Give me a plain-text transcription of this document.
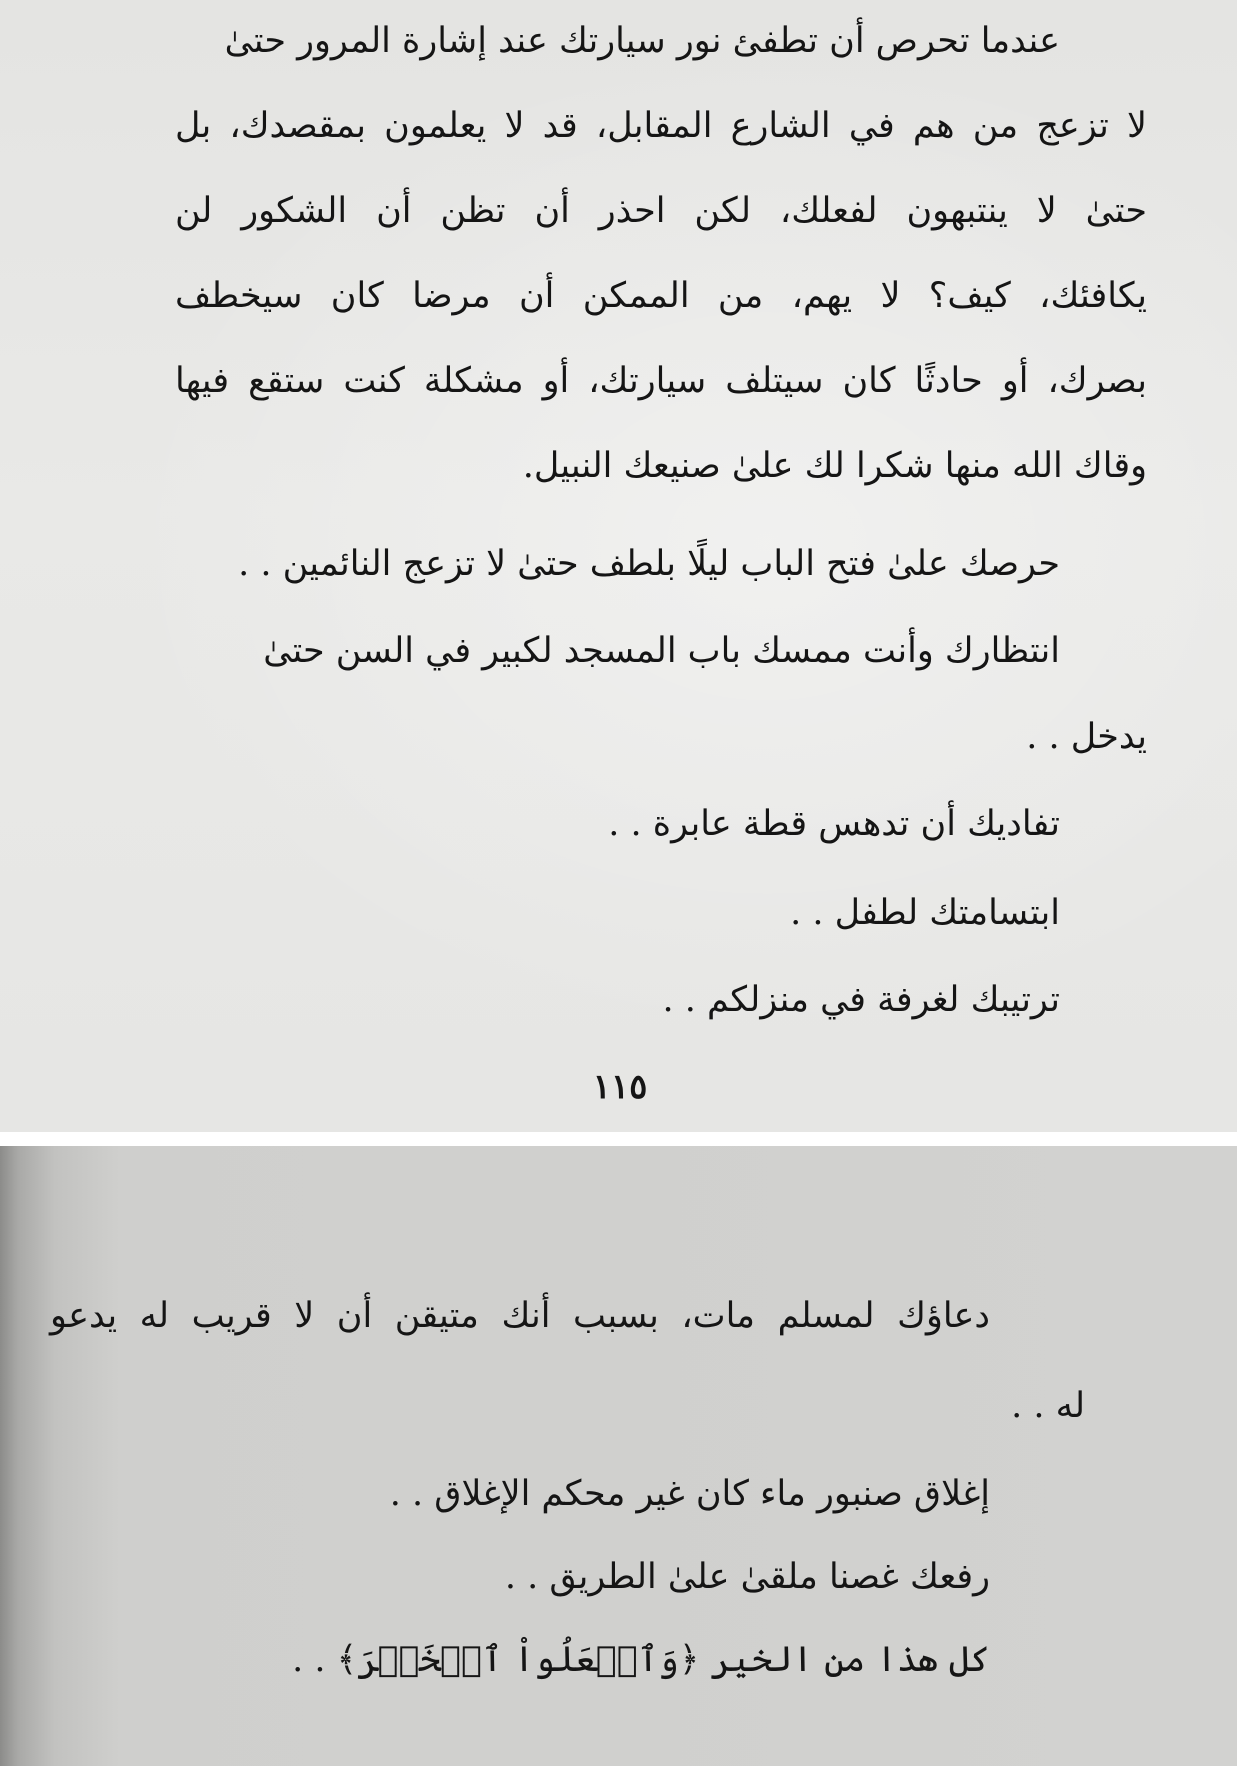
عندما تحرص أن تطفئ نور سيارتك عند إشارة المرور حتىٰ
لا تزعج من هم في الشارع المقابل، قد لا يعلمون بمقصدك، بل
حتىٰ لا ينتبهون لفعلك، لكن احذر أن تظن أن الشكور لن
يكافئك، كيف؟ لا يهم، من الممكن أن مرضا كان سيخطف
بصرك، أو حادثًا كان سيتلف سيارتك، أو مشكلة كنت ستقع فيها
وقاك الله منها شكرا لك علىٰ صنيعك النبيل.
حرصك علىٰ فتح الباب ليلًا بلطف حتىٰ لا تزعج النائمين . .
انتظارك وأنت ممسك باب المسجد لكبير في السن حتىٰ
يدخل . .
تفاديك أن تدهس قطة عابرة . .
ابتسامتك لطفل . .
ترتيبك لغرفة في منزلكم . .
١١٥
دعاؤك لمسلم مات، بسبب أنك متيقن أن لا قريب له يدعو
له . .
إغلاق صنبور ماء كان غير محكم الإغلاق . .
رفعك غصنا ملقىٰ علىٰ الطريق . .
كل هذا من الخير ﴿وَٱفۡعَلُواْ ٱلۡخَيۡرَ﴾ . .
